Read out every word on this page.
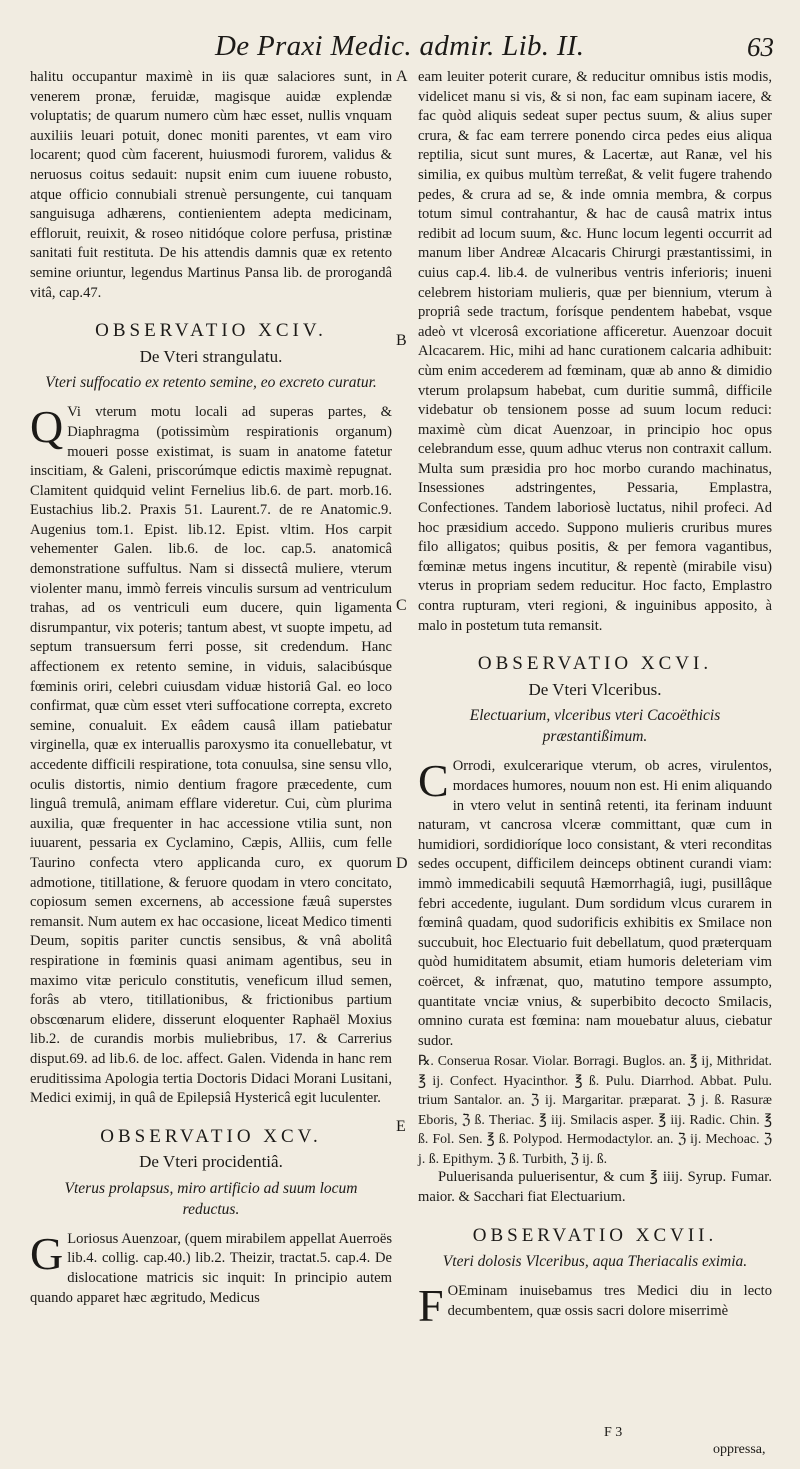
De Praxi Medic. admir. Lib. II.	63
A
B
C
D
E

halitu occupantur maximè in iis quæ salaciores sunt, in venerem pronæ, feruidæ, magisque auidæ explendæ voluptatis; de quarum numero cùm hæc esset, nullis vnquam auxiliis leuari potuit, donec moniti parentes, vt eam viro locarent; quod cùm facerent, huiusmodi furorem, validus & neruosus coitus sedauit: nupsit enim cum iuuene robusto, atque officio connubiali strenuè persungente, cui tanquam sanguisuga adhærens, contienientem adepta medicinam, effloruit, reuixit, & roseo nitidóque colore perfusa, pristinæ sanitati fuit restituta. De his attendis damnis quæ ex retento semine oriuntur, legendus Martinus Pansa lib. de prorogandâ vitâ, cap.47.

OBSERVATIO XCIV.
De Vteri strangulatu.
Vteri suffocatio ex retento semine, eo excreto curatur.

Q Vi vterum motu locali ad superas partes, & Diaphragma (potissimùm respirationis organum) moueri posse existimat, is suam in anatome fatetur inscitiam, & Galeni, priscorúmque edictis maximè repugnat. Clamitent quidquid velint Fernelius lib.6. de part. morb.16. Eustachius lib.2. Praxis 51. Laurent.7. de re Anatomic.9. Augenius tom.1. Epist. lib.12. Epist. vltim. Hos carpit vehementer Galen. lib.6. de loc. cap.5. anatomicâ demonstratione suffultus. Nam si dissectâ muliere, vterum violenter manu, immò ferreis vinculis sursum ad ventriculum trahas, ad os ventriculi eum ducere, quin ligamenta disrumpantur, vix poteris; tantum abest, vt suopte impetu, ad septum transuersum ferri posse, sit credendum. Hanc affectionem ex retento semine, in viduis, salacibúsque fœminis oriri, celebri cuiusdam viduæ historiâ Gal. eo loco confirmat, quæ cùm esset vteri suffocatione correpta, excreto semine, conualuit. Ex eâdem causâ illam patiebatur virginella, quæ ex interuallis paroxysmo ita conuellebatur, vt accedente difficili respiratione, tota conuulsa, sine sensu vllo, oculis distortis, nimio dentium fragore præcedente, cum linguâ tremulâ, animam efflare videretur. Cui, cùm plurima auxilia, quæ frequenter in hac accessione vtilia sunt, non iuuarent, pessaria ex Cyclamino, Cæpis, Alliis, cum felle Taurino confecta vtero applicanda curo, ex quorum admotione, titillatione, & feruore quodam in vtero concitato, copiosum semen excernens, ab accessione fæuâ superstes remansit. Num autem ex hac occasione, liceat Medico timenti Deum, sopitis pariter cunctis sensibus, & vnâ abolitâ respiratione in fœminis quasi animam agentibus, seu in maximo vitæ periculo constitutis, veneficum illud semen, forâs ab vtero, titillationibus, & frictionibus partium obscœnarum elidere, disserunt eloquenter Raphaël Moxius lib.2. de curandis morbis muliebribus, 17. & Carrerius disput.69. ad lib.6. de loc. affect. Galen. Videnda in hanc rem eruditissima Apologia tertia Doctoris Didaci Morani Lusitani, Medici eximij, in quâ de Epilepsiâ Hystericâ egit luculenter.

OBSERVATIO XCV.
De Vteri procidentiâ.
Vterus prolapsus, miro artificio ad suum locum reductus.

G Loriosus Auenzoar, (quem mirabilem appellat Auerroës lib.4. collig. cap.40.) lib.2. Theizir, tractat.5. cap.4. De dislocatione matricis sic inquit: In principio autem quando apparet hæc ægritudo, Medicus

eam leuiter poterit curare, & reducitur omnibus istis modis, videlicet manu si vis, & si non, fac eam supinam iacere, & fac quòd aliquis sedeat super pectus suum, & alius super crura, & fac eam terrere ponendo circa pedes eius aliqua reptilia, sicut sunt mures, & Lacertæ, aut Ranæ, vel his similia, ex quibus multùm terreßat, & velit fugere trahendo pedes, & crura ad se, & inde omnia membra, & corpus totum simul contrahantur, & hac de causâ matrix intus redibit ad locum suum, &c. Hunc locum legenti occurrit ad manum liber Andreæ Alcacaris Chirurgi præstantissimi, in cuius cap.4. lib.4. de vulneribus ventris inferioris; inueni celebrem historiam mulieris, quæ per biennium, vterum à propriâ sede tractum, forísque pendentem habebat, vsque adeò vt vlcerosâ excoriatione afficeretur. Auenzoar docuit Alcacarem. Hic, mihi ad hanc curationem calcaria adhibuit: cùm enim accederem ad fœminam, quæ ab anno & dimidio vterum prolapsum habebat, cum duritie summâ, difficile videbatur ob tensionem posse ad suum locum reduci: maximè cùm dicat Auenzoar, in principio hoc opus celebrandum esse, quum adhuc vterus non contraxit callum. Multa sum præsidia pro hoc morbo curando machinatus, Insessiones adstringentes, Pessaria, Emplastra, Confectiones. Tandem laboriosè luctatus, nihil profeci. Ad hoc præsidium accedo. Suppono mulieris cruribus mures filo alligatos; quibus positis, & per femora vagantibus, fœminæ metus ingens incutitur, & repentè (mirabile visu) vterus in propriam sedem reducitur. Hoc facto, Emplastro contra rupturam, vteri regioni, & inguinibus apposito, à malo in postetum tuta remansit.

OBSERVATIO XCVI.
De Vteri Vlceribus.
Electuarium, vlceribus vteri Cacoëthicis præstantißimum.

C Orrodi, exulcerarique vterum, ob acres, virulentos, mordaces humores, nouum non est. Hi enim aliquando in vtero velut in sentinâ retenti, ita ferinam induunt naturam, vt cancrosa vlceræ committant, quæ cum in humidiori, sordidioríque loco consistant, & vteri reconditas sedes occupent, difficilem deinceps obtinent curandi viam: immò immedicabili sequutâ Hæmorrhagiâ, iugi, pusillâque febri accedente, iugulant. Dum sordidum vlcus curarem in fœminâ quadam, quod sudorificis exhibitis ex Smilace non succubuit, hoc Electuario fuit debellatum, quod præterquam quòd humiditatem absumit, etiam humoris deleteriam vim coërcet, & infrænat, quo, matutino tempore assumpto, quantitate vnciæ vnius, & superbibito decocto Smilacis, omnino curata est fœmina: nam mouebatur aluus, ciebatur sudor.

℞. Conserua Rosar. Violar. Borragi. Buglos. an. ℥ ij, Mithridat. ℥ ij. Confect. Hyacinthor. ℥ ß. Pulu. Diarrhod. Abbat. Pulu. trium Santalor. an. ℨ ij. Margaritar. præparat. ℨ j. ß. Rasuræ Eboris, ℨ ß. Theriac. ℥ iij. Smilacis asper. ℥ iij. Radic. Chin. ℥ ß. Fol. Sen. ℥ ß. Polypod. Hermodactylor. an. ℨ ij. Mechoac. ℨ j. ß. Epithym. ℨ ß. Turbith, ℨ ij. ß.

Puluerisanda puluerisentur, & cum ℥ iiij. Syrup. Fumar. maior. & Sacchari fiat Electuarium.

OBSERVATIO XCVII.
Vteri dolosis Vlceribus, aqua Theriacalis eximia.

F OEminam inuisebamus tres Medici diu in lecto decumbentem, quæ ossis sacri dolore miserrimè

F 3
oppressa,
